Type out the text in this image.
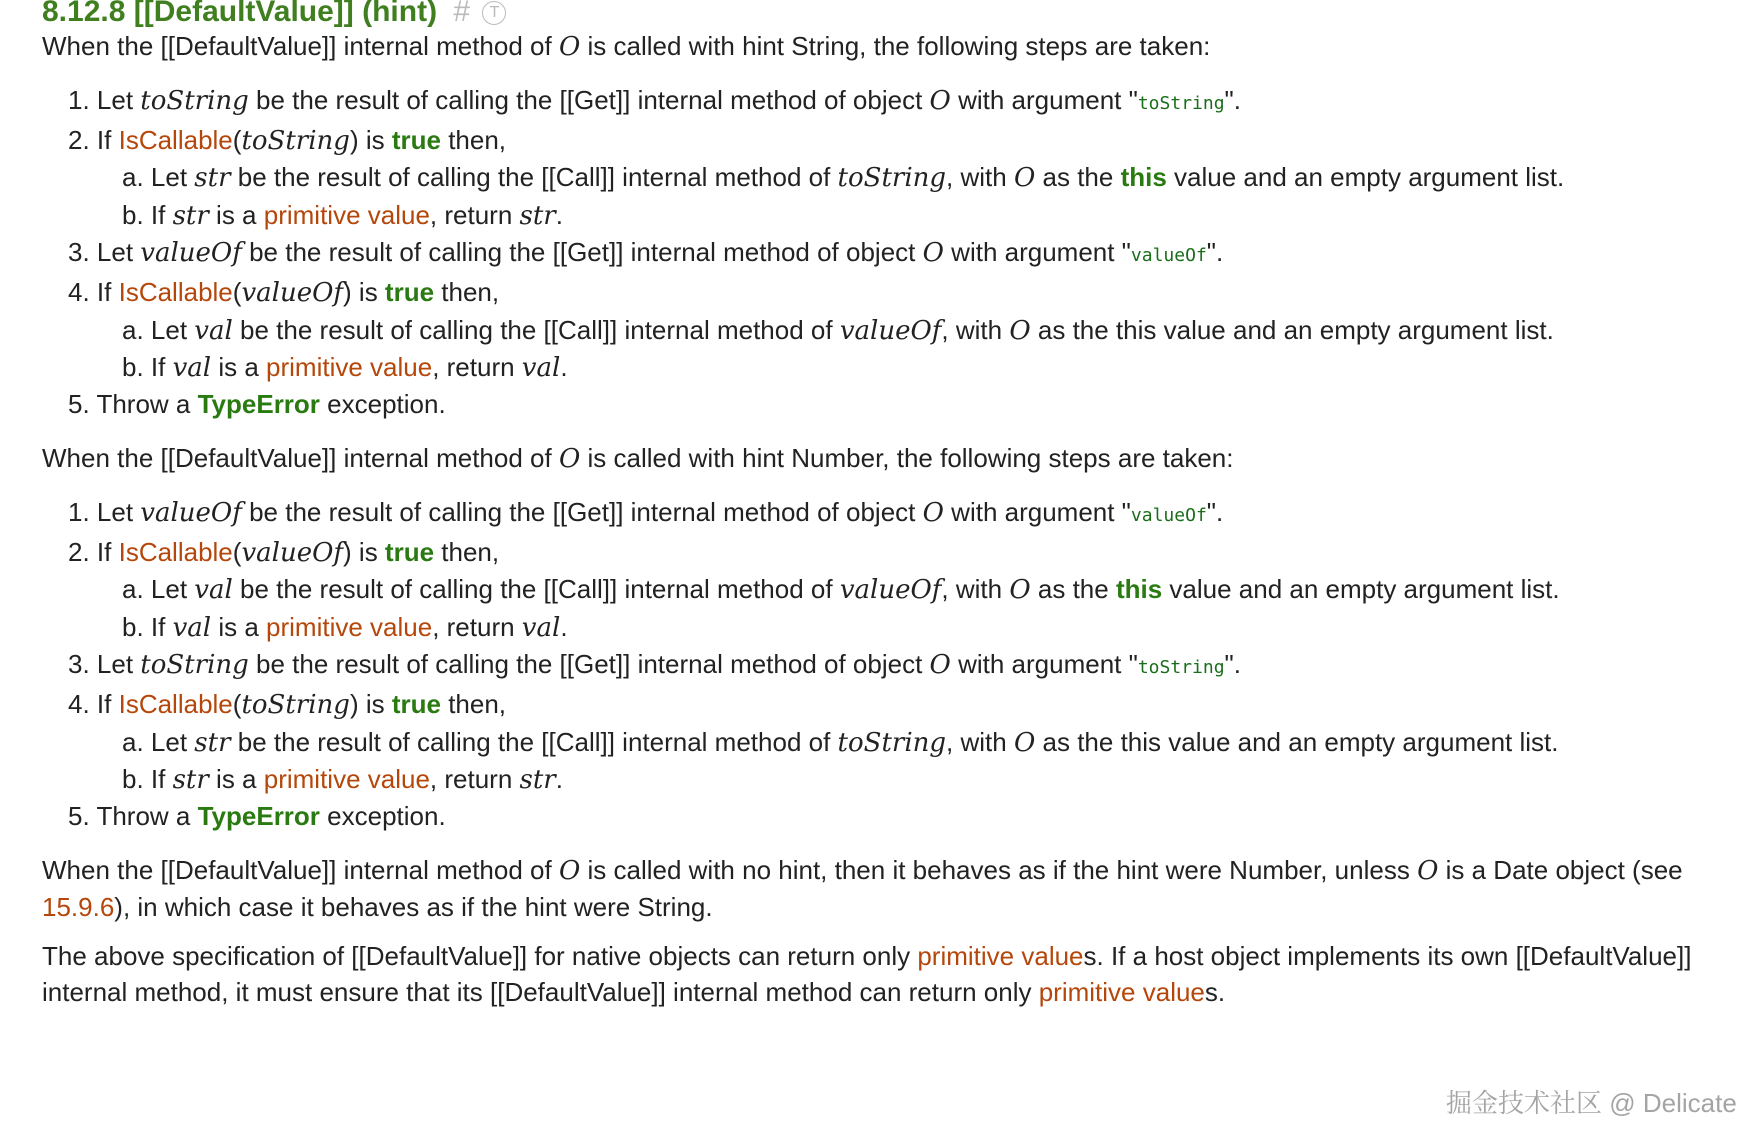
8.12.8 [[DefaultValue]] (hint) # T
When the [[DefaultValue]] internal method of O is called with hint String, the following steps are taken:
1. Let toString be the result of calling the [[Get]] internal method of object O with argument "toString".
2. If IsCallable(toString) is true then,
a. Let str be the result of calling the [[Call]] internal method of toString, with O as the this value and an empty argument list.
b. If str is a primitive value, return str.
3. Let valueOf be the result of calling the [[Get]] internal method of object O with argument "valueOf".
4. If IsCallable(valueOf) is true then,
a. Let val be the result of calling the [[Call]] internal method of valueOf, with O as the this value and an empty argument list.
b. If val is a primitive value, return val.
5. Throw a TypeError exception.
When the [[DefaultValue]] internal method of O is called with hint Number, the following steps are taken:
1. Let valueOf be the result of calling the [[Get]] internal method of object O with argument "valueOf".
2. If IsCallable(valueOf) is true then,
a. Let val be the result of calling the [[Call]] internal method of valueOf, with O as the this value and an empty argument list.
b. If val is a primitive value, return val.
3. Let toString be the result of calling the [[Get]] internal method of object O with argument "toString".
4. If IsCallable(toString) is true then,
a. Let str be the result of calling the [[Call]] internal method of toString, with O as the this value and an empty argument list.
b. If str is a primitive value, return str.
5. Throw a TypeError exception.
When the [[DefaultValue]] internal method of O is called with no hint, then it behaves as if the hint were Number, unless O is a Date object (see 15.9.6), in which case it behaves as if the hint were String.
The above specification of [[DefaultValue]] for native objects can return only primitive values. If a host object implements its own [[DefaultValue]] internal method, it must ensure that its [[DefaultValue]] internal method can return only primitive values.
掘金技术社区 @ Delicate
